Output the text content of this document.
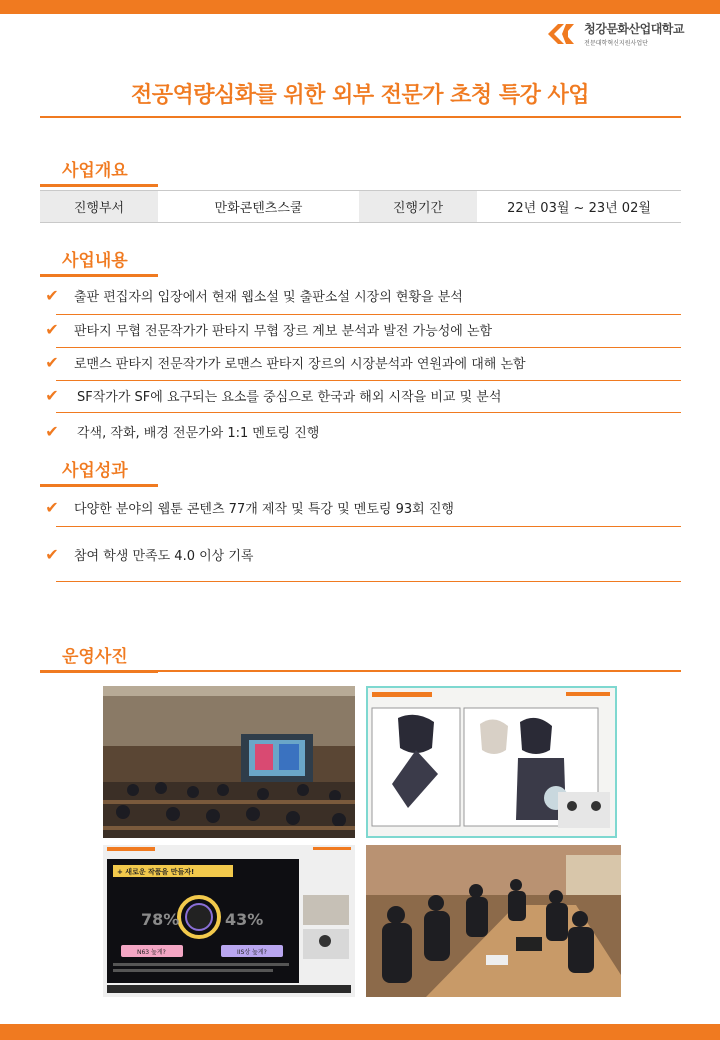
청강문화산업대학교
전문대학혁신지원사업단
전공역량심화를 위한 외부 전문가 초청 특강 사업
사업개요
진행부서	만화콘텐츠스쿨	진행기간	22년 03월 ~ 23년 02월
사업내용
✔ 출판 편집자의 입장에서 현재 웹소설 및 출판소설 시장의 현황을 분석
✔ 판타지 무협 전문작가가 판타지 무협 장르 계보 분석과 발전 가능성에 논함
✔ 로맨스 판타지 전문작가가 로맨스 판타지 장르의 시장분석과 연원과에 대해 논함
✔ SF작가가 SF에 요구되는 요소를 중심으로 한국과 해외 시작을 비교 및 분석
✔ 각색, 작화, 배경 전문가와 1:1 멘토링 진행
사업성과
✔ 다양한 분야의 웹툰 콘텐츠 77개 제작 및 특강 및 멘토링 93회 진행
✔ 참여 학생 만족도 4.0 이상 기록
운영사진
+ 새로운 작품을 만들자!
78%	43%
N63 높게?	IIS상 높게?
